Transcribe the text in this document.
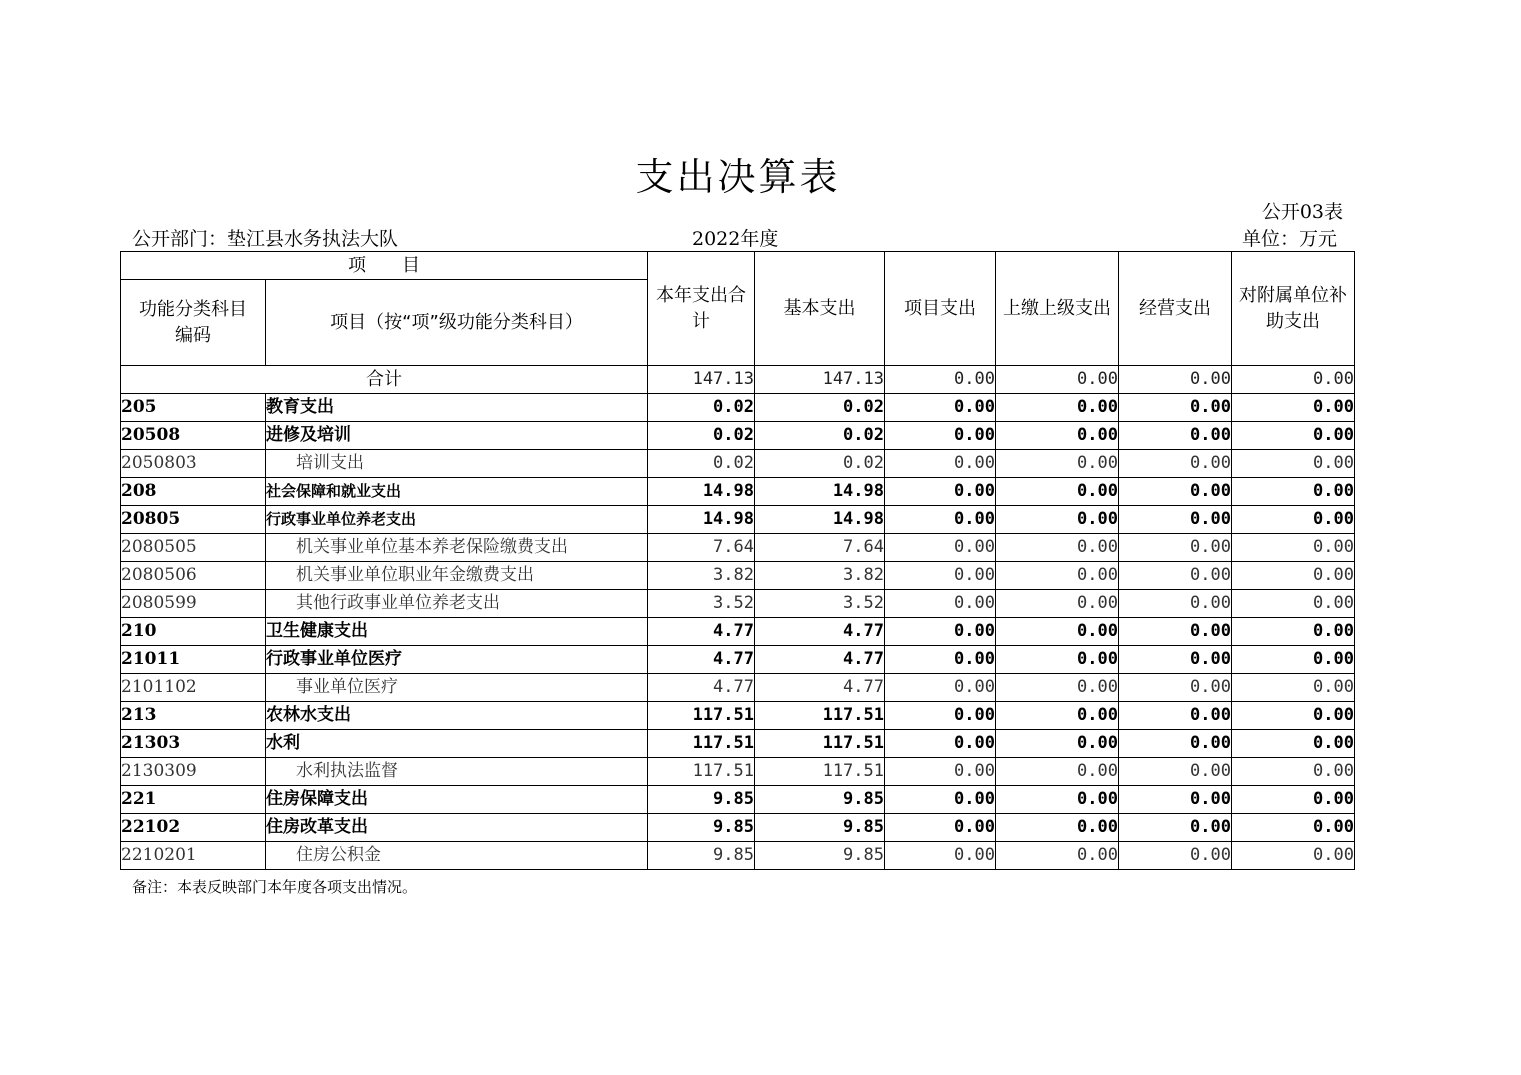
支出决算表
公开03表
公开部门：垫江县水务执法大队	2022年度	单位：万元
项　　目		本年支出合计	基本支出	项目支出	上缴上级支出	经营支出	对附属单位补助支出
功能分类科目编码	项目（按“项”级功能分类科目）						
合计		147.13	147.13	0.00	0.00	0.00	0.00
205	教育支出	0.02	0.02	0.00	0.00	0.00	0.00
20508	进修及培训	0.02	0.02	0.00	0.00	0.00	0.00
2050803	培训支出	0.02	0.02	0.00	0.00	0.00	0.00
208	社会保障和就业支出	14.98	14.98	0.00	0.00	0.00	0.00
20805	行政事业单位养老支出	14.98	14.98	0.00	0.00	0.00	0.00
2080505	机关事业单位基本养老保险缴费支出	7.64	7.64	0.00	0.00	0.00	0.00
2080506	机关事业单位职业年金缴费支出	3.82	3.82	0.00	0.00	0.00	0.00
2080599	其他行政事业单位养老支出	3.52	3.52	0.00	0.00	0.00	0.00
210	卫生健康支出	4.77	4.77	0.00	0.00	0.00	0.00
21011	行政事业单位医疗	4.77	4.77	0.00	0.00	0.00	0.00
2101102	事业单位医疗	4.77	4.77	0.00	0.00	0.00	0.00
213	农林水支出	117.51	117.51	0.00	0.00	0.00	0.00
21303	水利	117.51	117.51	0.00	0.00	0.00	0.00
2130309	水利执法监督	117.51	117.51	0.00	0.00	0.00	0.00
221	住房保障支出	9.85	9.85	0.00	0.00	0.00	0.00
22102	住房改革支出	9.85	9.85	0.00	0.00	0.00	0.00
2210201	住房公积金	9.85	9.85	0.00	0.00	0.00	0.00
备注：本表反映部门本年度各项支出情况。
